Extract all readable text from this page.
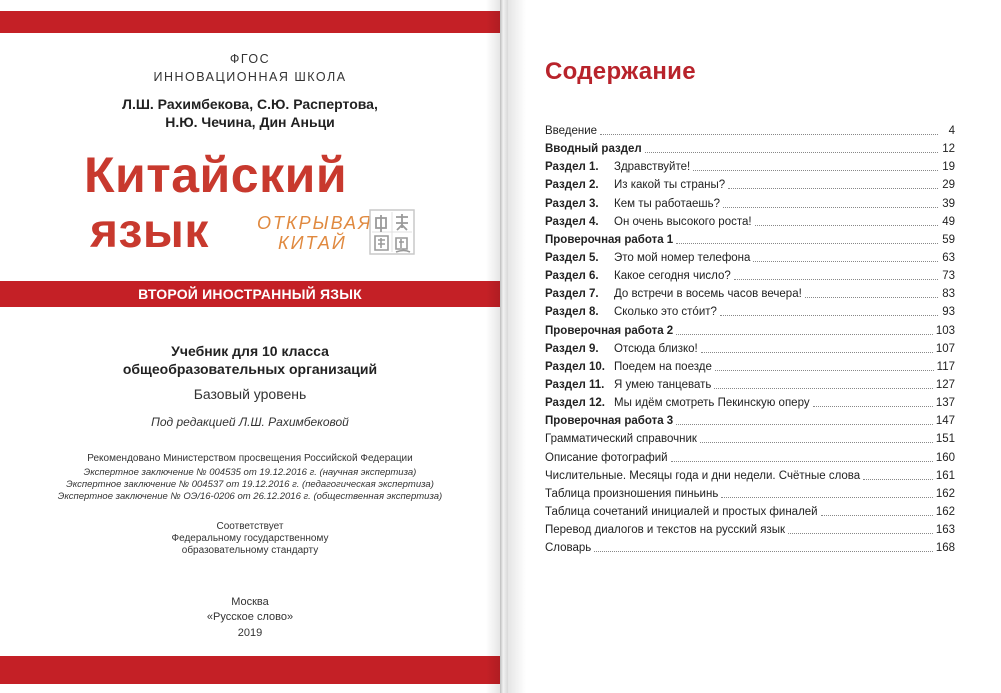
ФГОС
ИННОВАЦИОННАЯ ШКОЛА
Л.Ш. Рахимбекова, С.Ю. Распертова,
Н.Ю. Чечина, Дин Аньци
Китайский
язык	ОТКРЫВАЯ
КИТАЙ
ВТОРОЙ ИНОСТРАННЫЙ ЯЗЫК
Учебник для 10 класса
общеобразовательных организаций
Базовый уровень
Под редакцией Л.Ш. Рахимбековой
Рекомендовано Министерством просвещения Российской Федерации
Экспертное заключение № 004535 от 19.12.2016 г. (научная экспертиза)
Экспертное заключение № 004537 от 19.12.2016 г. (педагогическая экспертиза)
Экспертное заключение № ОЭ/16-0206 от 26.12.2016 г. (общественная экспертиза)
Соответствует
Федеральному государственному
образовательному стандарту
Москва
«Русское слово»
2019
Содержание
Введение	4
Вводный раздел	12
Раздел 1. Здравствуйте!	19
Раздел 2. Из какой ты страны?	29
Раздел 3. Кем ты работаешь?	39
Раздел 4. Он очень высокого роста!	49
Проверочная работа 1	59
Раздел 5. Это мой номер телефона	63
Раздел 6. Какое сегодня число?	73
Раздел 7. До встречи в восемь часов вечера!	83
Раздел 8. Сколько это стóит?	93
Проверочная работа 2	103
Раздел 9. Отсюда близко!	107
Раздел 10. Поедем на поезде	117
Раздел 11. Я умею танцевать	127
Раздел 12. Мы идём смотреть Пекинскую оперу	137
Проверочная работа 3	147
Грамматический справочник	151
Описание фотографий	160
Числительные. Месяцы года и дни недели. Счётные слова	161
Таблица произношения пиньинь	162
Таблица сочетаний инициалей и простых финалей	162
Перевод диалогов и текстов на русский язык	163
Словарь	168
